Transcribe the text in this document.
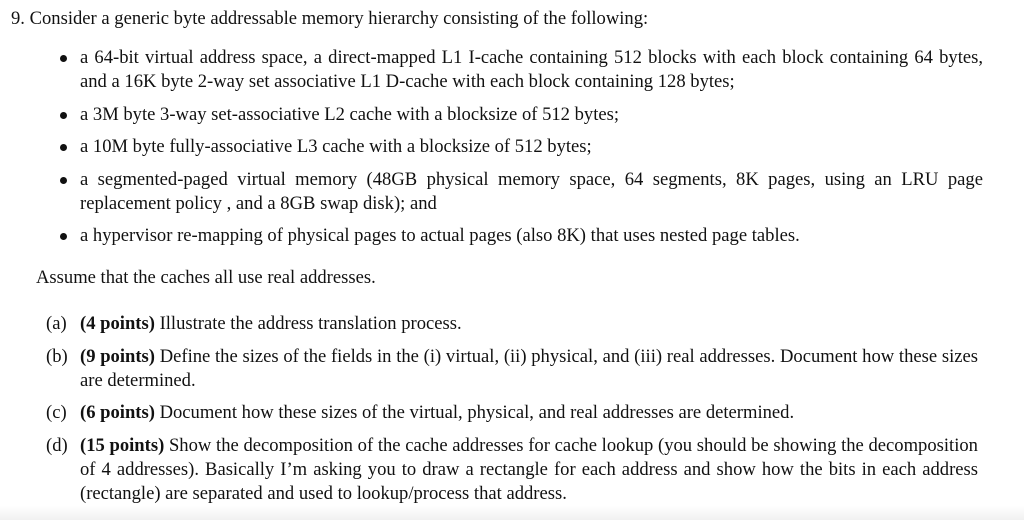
9. Consider a generic byte addressable memory hierarchy consisting of the following:
a 64-bit virtual address space, a direct-mapped L1 I-cache containing 512 blocks with each block containing 64 bytes, and a 16K byte 2-way set associative L1 D-cache with each block containing 128 bytes;
a 3M byte 3-way set-associative L2 cache with a blocksize of 512 bytes;
a 10M byte fully-associative L3 cache with a blocksize of 512 bytes;
a segmented-paged virtual memory (48GB physical memory space, 64 segments, 8K pages, using an LRU page replacement policy , and a 8GB swap disk); and
a hypervisor re-mapping of physical pages to actual pages (also 8K) that uses nested page tables.
Assume that the caches all use real addresses.
(a) (4 points) Illustrate the address translation process.
(b) (9 points) Define the sizes of the fields in the (i) virtual, (ii) physical, and (iii) real addresses. Document how these sizes are determined.
(c) (6 points) Document how these sizes of the virtual, physical, and real addresses are determined.
(d) (15 points) Show the decomposition of the cache addresses for cache lookup (you should be showing the decomposition of 4 addresses). Basically I’m asking you to draw a rectangle for each address and show how the bits in each address (rectangle) are separated and used to lookup/process that address.
